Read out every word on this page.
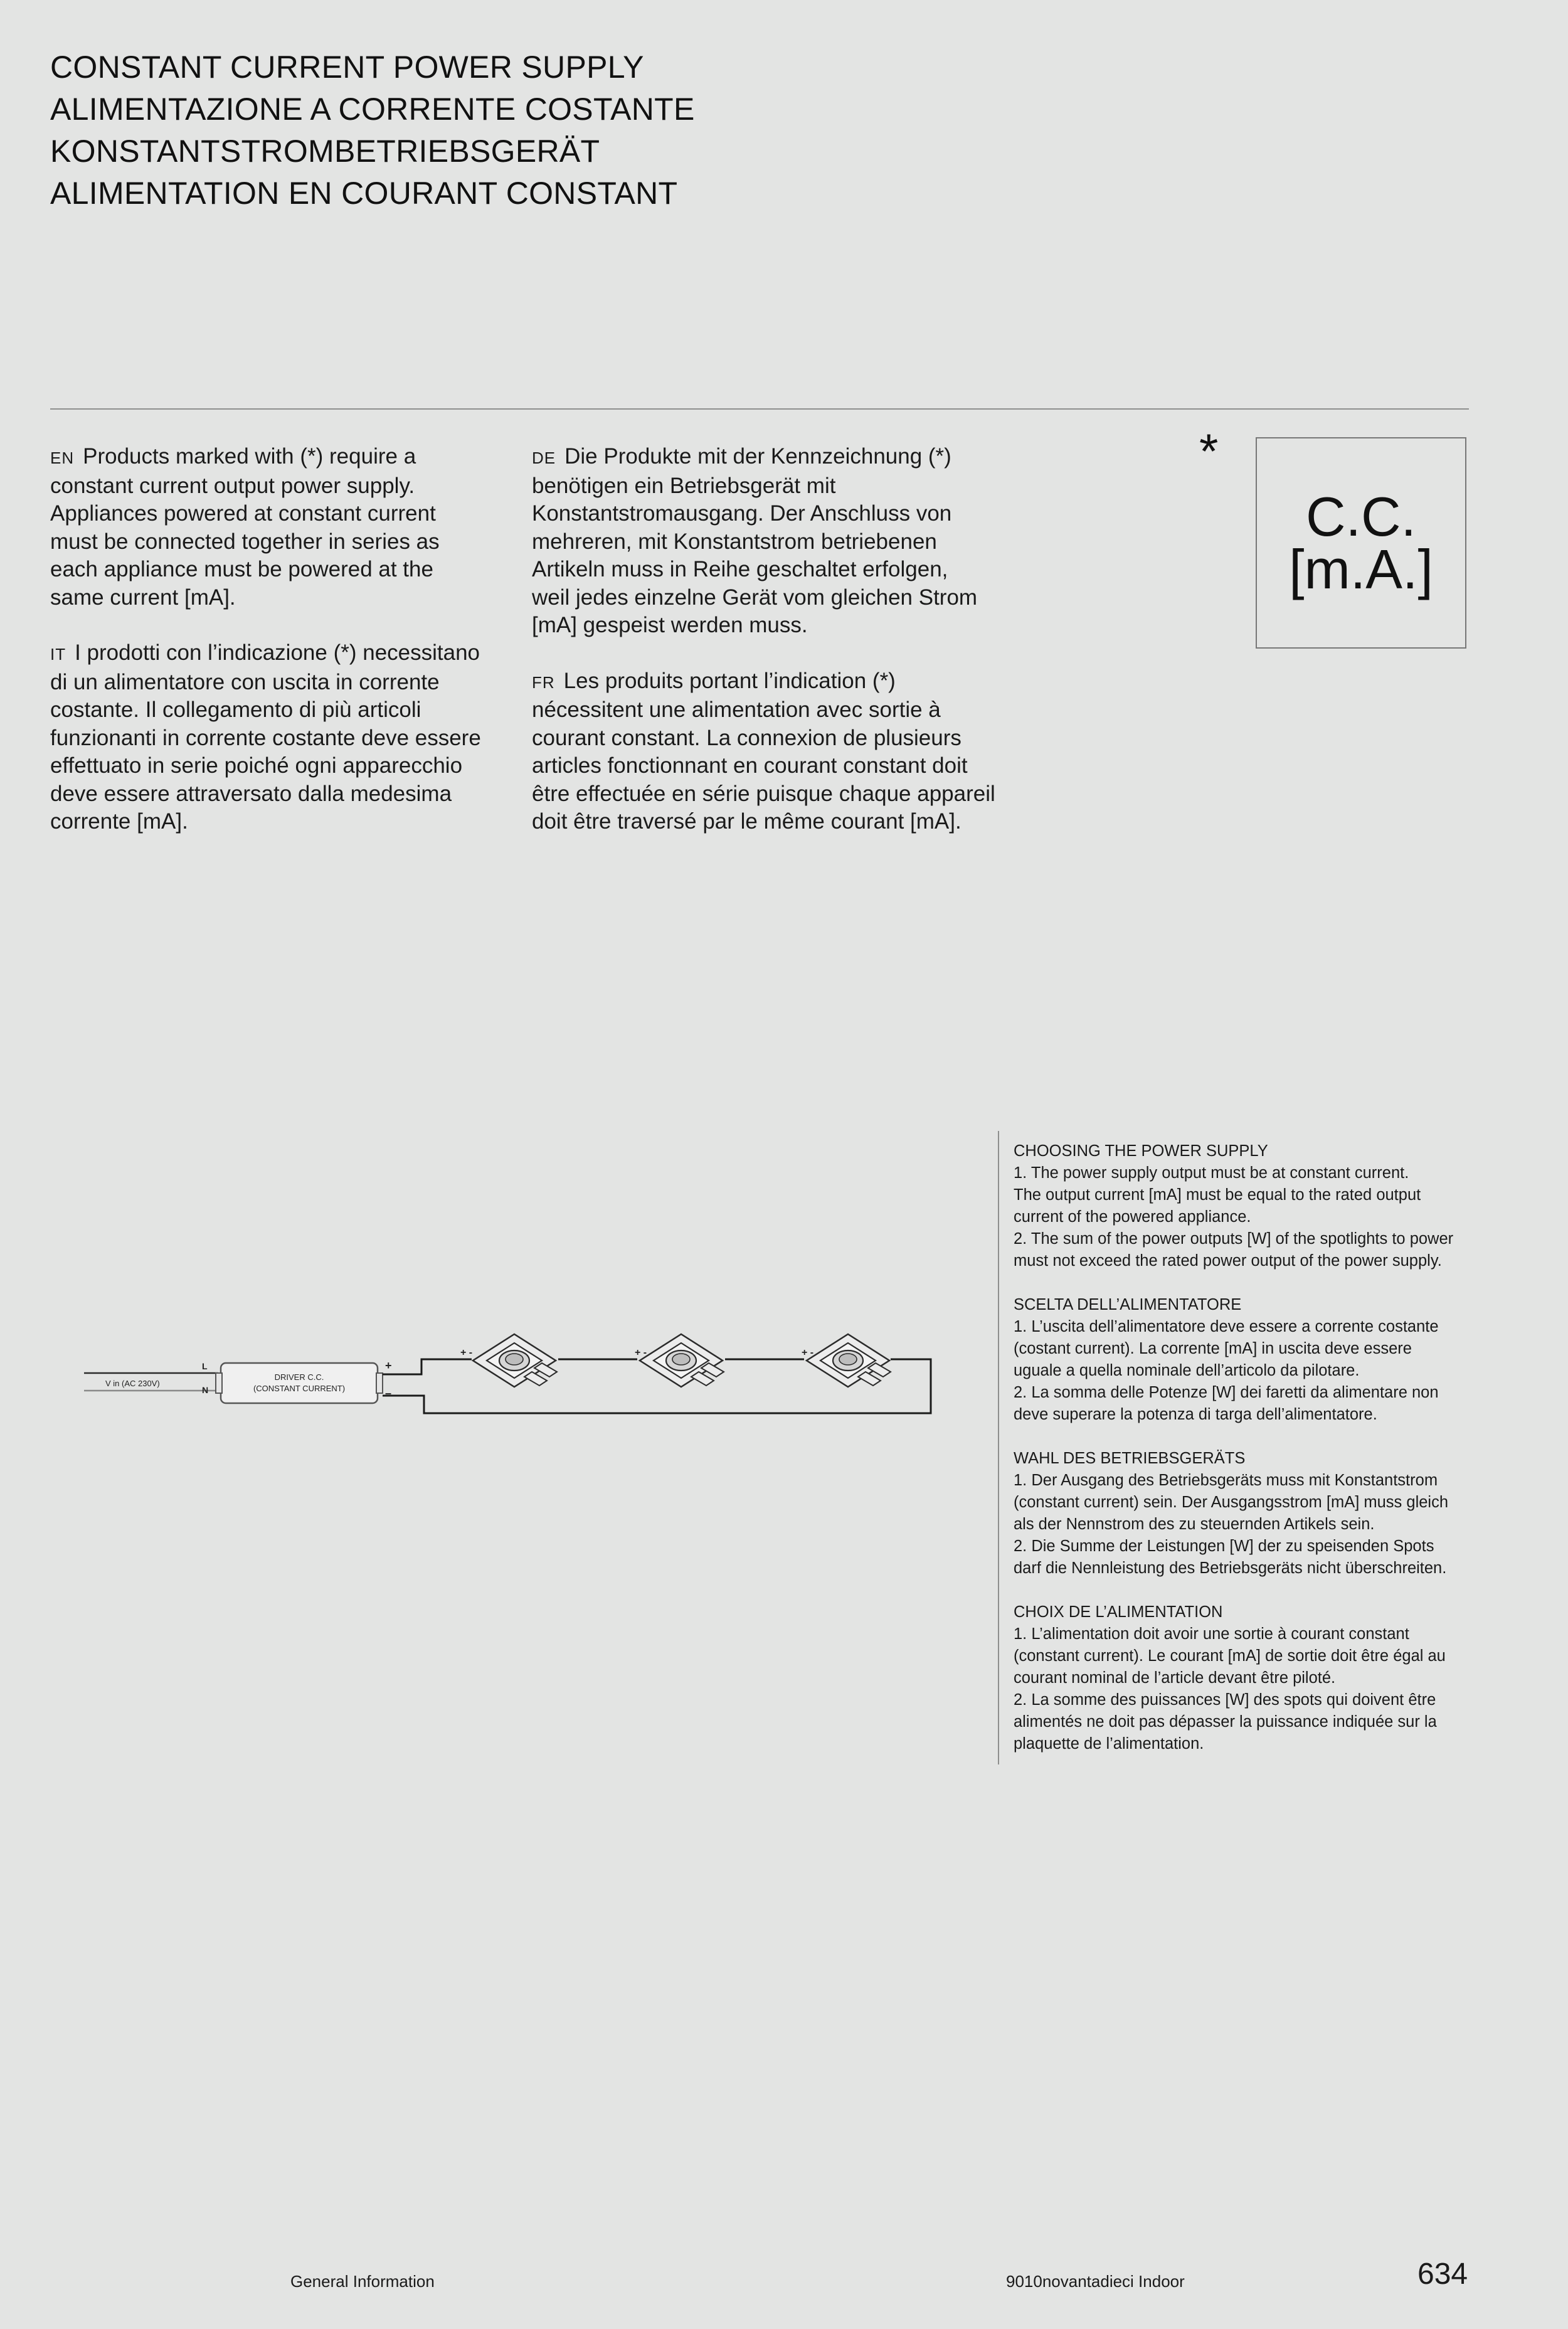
CONSTANT CURRENT POWER SUPPLY
ALIMENTAZIONE A CORRENTE COSTANTE
KONSTANTSTROMBETRIEBSGERÄT
ALIMENTATION EN COURANT CONSTANT

EN Products marked with (*) require a

constant current output power supply.

Appliances powered at constant current

must be connected together in series as

each appliance must be powered at the

same current [mA].

IT I prodotti con l’indicazione (*) necessitano

di un alimentatore con uscita in corrente

costante. Il collegamento di più articoli

funzionanti in corrente costante deve essere

effettuato in serie poiché ogni apparecchio

deve essere attraversato dalla medesima

corrente [mA].

DE Die Produkte mit der Kennzeichnung (*)

benötigen ein Betriebsgerät mit

Konstantstromausgang. Der Anschluss von

mehreren, mit Konstantstrom betriebenen

Artikeln muss in Reihe geschaltet erfolgen,

weil jedes einzelne Gerät vom gleichen Strom

[mA] gespeist werden muss.

FR Les produits portant l’indication (*)

nécessitent une alimentation avec sortie à

courant constant. La connexion de plusieurs

articles fonctionnant en courant constant doit

être effectuée en série puisque chaque appareil

doit être traversé par le même courant [mA].

*
C.C.
[m.A.]
V in (AC 230V)
L
N
DRIVER C.C.
(CONSTANT CURRENT)
+
–
+ -	+ -	+ -
CHOOSING THE POWER SUPPLY
1. The power supply output must be at constant current.
The output current [mA] must be equal to the rated output
current of the powered appliance.
2. The sum of the power outputs [W] of the spotlights to power
must not exceed the rated power output of the power supply.
SCELTA DELL’ALIMENTATORE
1. L’uscita dell’alimentatore deve essere a corrente costante
(costant current). La corrente [mA] in uscita deve essere
uguale a quella nominale dell’articolo da pilotare.
2. La somma delle Potenze [W] dei faretti da alimentare non
deve superare la potenza di targa dell’alimentatore.
WAHL DES BETRIEBSGERÄTS
1. Der Ausgang des Betriebsgeräts muss mit Konstantstrom
(constant current) sein. Der Ausgangsstrom [mA] muss gleich
als der Nennstrom des zu steuernden Artikels sein.
2. Die Summe der Leistungen [W] der zu speisenden Spots
darf die Nennleistung des Betriebsgeräts nicht überschreiten.
CHOIX DE L’ALIMENTATION
1. L’alimentation doit avoir une sortie à courant constant
(constant current). Le courant [mA] de sortie doit être égal au
courant nominal de l’article devant être piloté.
2. La somme des puissances [W] des spots qui doivent être
alimentés ne doit pas dépasser la puissance indiquée sur la
plaquette de l’alimentation.
General Information	9010novantadieci Indoor	634
